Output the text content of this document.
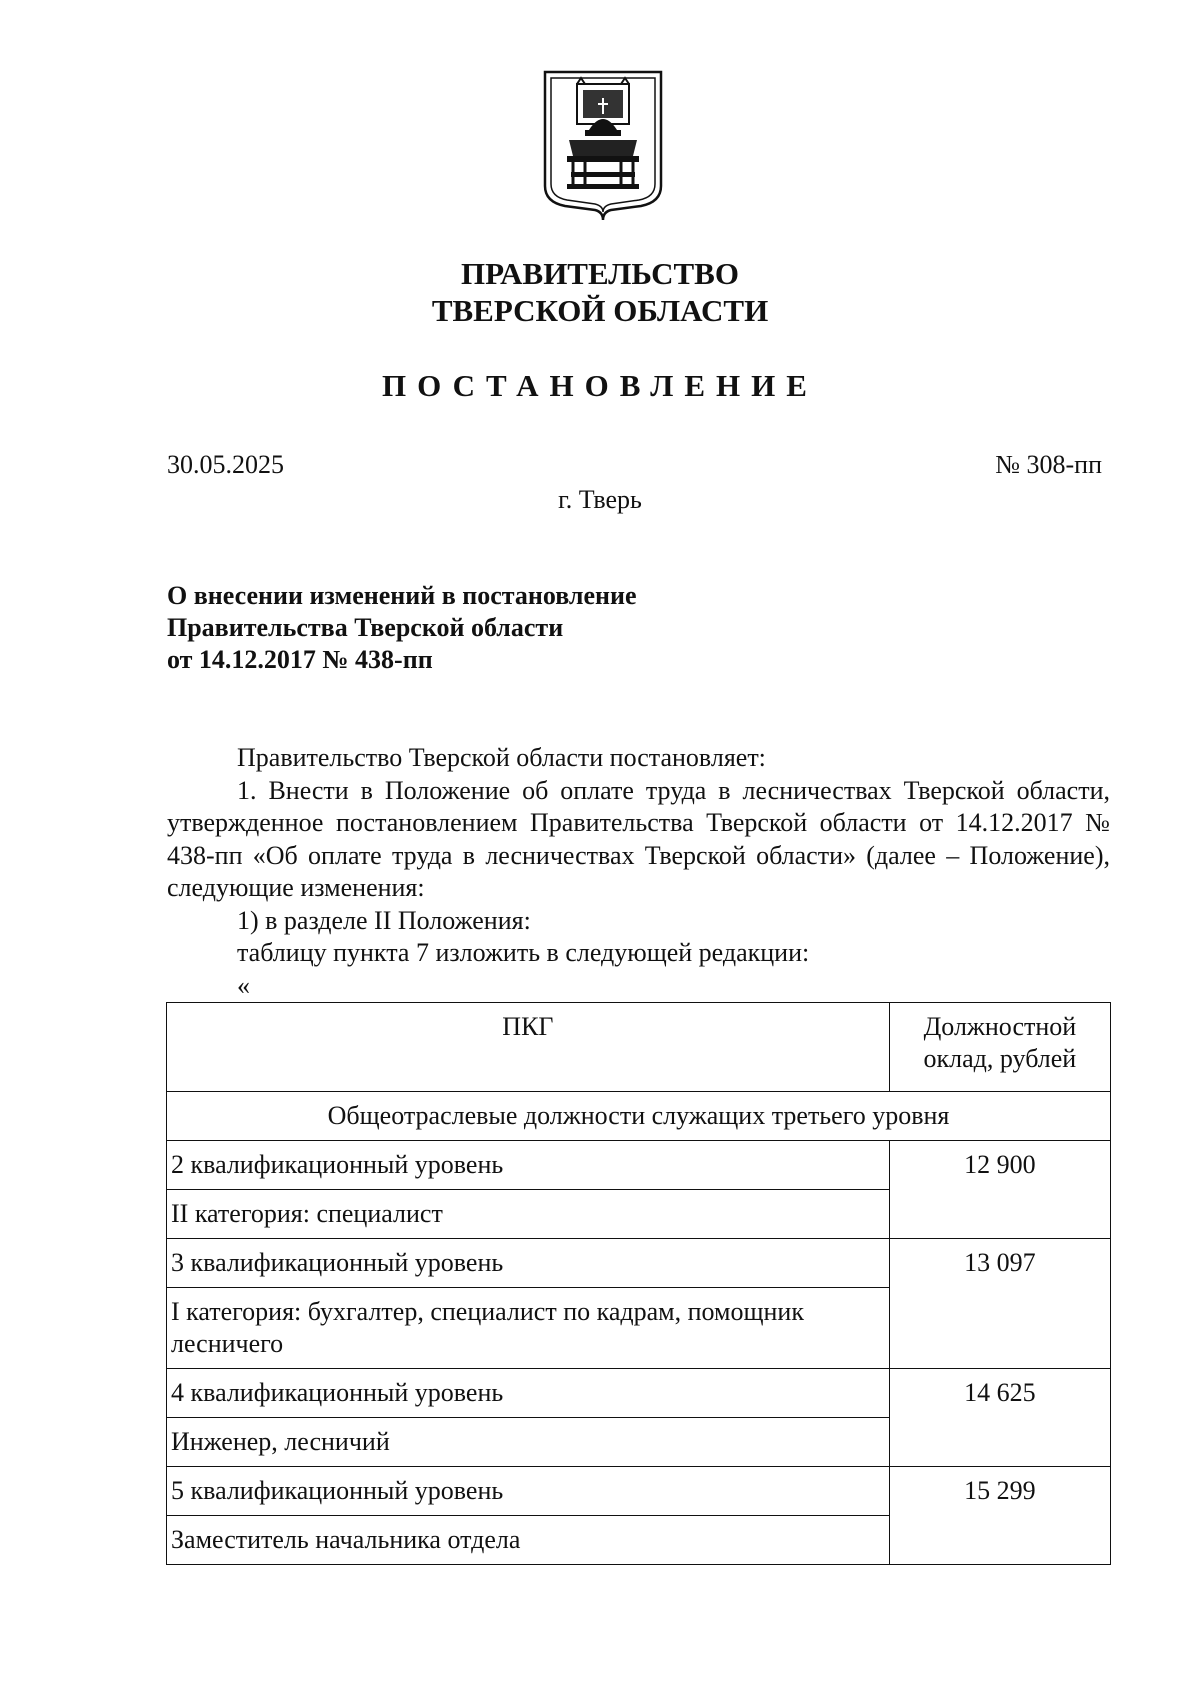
ПРАВИТЕЛЬСТВО
ТВЕРСКОЙ ОБЛАСТИ
ПОСТАНОВЛЕНИЕ
30.05.2025	№ 308-пп
г. Тверь
О внесении изменений в постановление
Правительства Тверской области
от 14.12.2017 № 438-пп

Правительство Тверской области постановляет:

1. Внести в Положение об оплате труда в лесничествах Тверской области, утвержденное постановлением Правительства Тверской области от 14.12.2017 № 438-пп «Об оплате труда в лесничествах Тверской области» (далее – Положение), следующие изменения:

1) в разделе II Положения:

таблицу пункта 7 изложить в следующей редакции:

«

ПКГ	Должностной оклад, рублей
Общеотраслевые должности служащих третьего уровня	
2 квалификационный уровень	12 900
II категория: специалист	
3 квалификационный уровень	13 097
I категория: бухгалтер, специалист по кадрам, помощник лесничего	
4 квалификационный уровень	14 625
Инженер, лесничий	
5 квалификационный уровень	15 299
Заместитель начальника отдела	
